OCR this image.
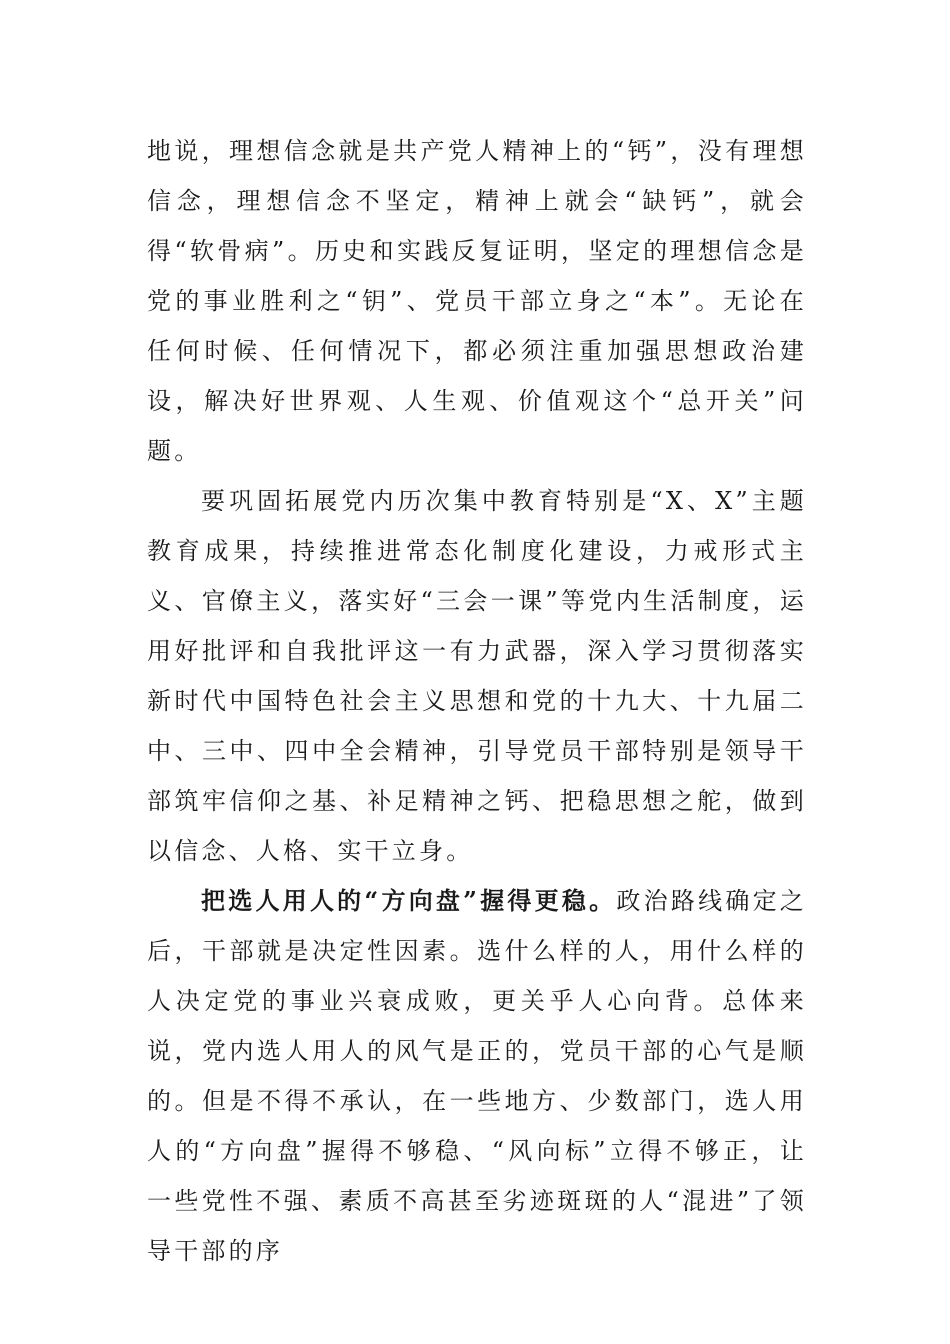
地说，理想信念就是共产党人精神上的“钙”，没有理想信念，理想信念不坚定，精神上就会“缺钙”，就会得“软骨病”。历史和实践反复证明，坚定的理想信念是党的事业胜利之“钥”、党员干部立身之“本”。无论在任何时候、任何情况下，都必须注重加强思想政治建设，解决好世界观、人生观、价值观这个“总开关”问题。

要巩固拓展党内历次集中教育特别是“X、X”主题教育成果，持续推进常态化制度化建设，力戒形式主义、官僚主义，落实好“三会一课”等党内生活制度，运用好批评和自我批评这一有力武器，深入学习贯彻落实新时代中国特色社会主义思想和党的十九大、十九届二中、三中、四中全会精神，引导党员干部特别是领导干部筑牢信仰之基、补足精神之钙、把稳思想之舵，做到以信念、人格、实干立身。

把选人用人的“方向盘”握得更稳。政治路线确定之后，干部就是决定性因素。选什么样的人，用什么样的人决定党的事业兴衰成败，更关乎人心向背。总体来说，党内选人用人的风气是正的，党员干部的心气是顺的。但是不得不承认，在一些地方、少数部门，选人用人的“方向盘”握得不够稳、“风向标”立得不够正，让一些党性不强、素质不高甚至劣迹斑斑的人“混进”了领导干部的序
